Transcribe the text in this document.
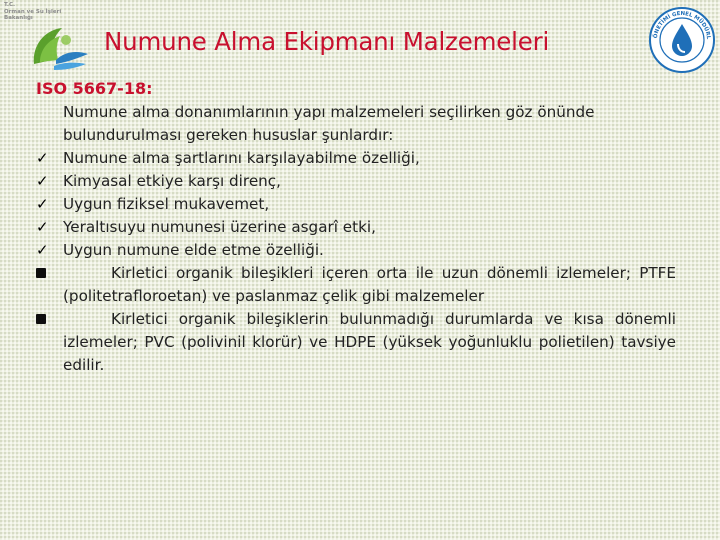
T.C.
Orman ve Su İşleri
Bakanlığı
ÖNETİMİ GENEL MÜDÜRL
Numune Alma Ekipmanı Malzemeleri
ISO 5667-18:
Numune alma donanımlarının yapı malzemeleri seçilirken göz önünde bulundurulması gereken hususlar şunlardır:
✓ Numune alma şartlarını karşılayabilme özelliği,
✓ Kimyasal etkiye karşı direnç,
✓ Uygun fiziksel mukavemet,
✓ Yeraltısuyu numunesi üzerine asgarî etki,
✓ Uygun numune elde etme özelliği.
Kirletici organik bileşikleri içeren orta ile uzun dönemli izlemeler; PTFE (politetrafloroetan) ve paslanmaz çelik gibi malzemeler
Kirletici organik bileşiklerin bulunmadığı durumlarda ve kısa dönemli izlemeler; PVC (polivinil klorür) ve HDPE (yüksek yoğunluklu polietilen) tavsiye edilir.
